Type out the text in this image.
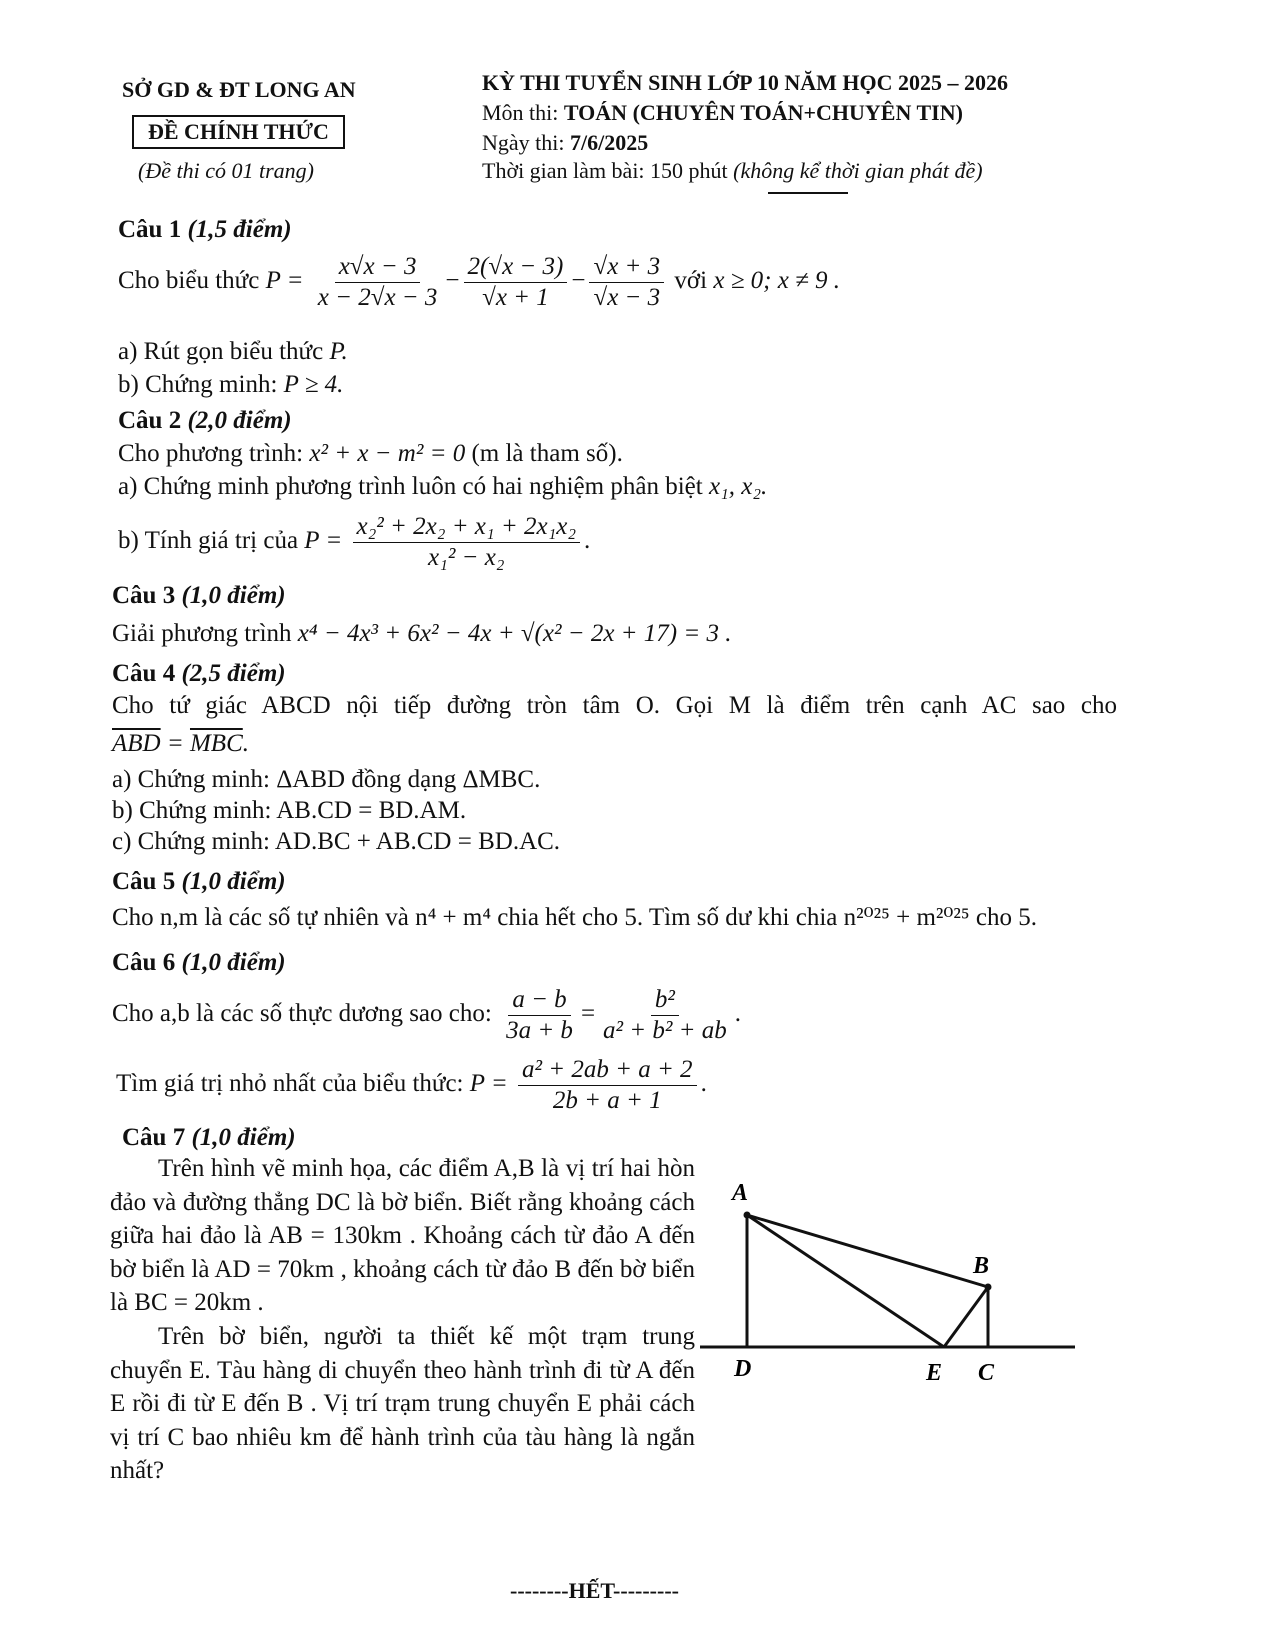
SỞ GD & ĐT LONG AN
ĐỀ CHÍNH THỨC
(Đề thi có 01 trang)
KỲ THI TUYỂN SINH LỚP 10 NĂM HỌC 2025 – 2026
Môn thi: TOÁN (CHUYÊN TOÁN+CHUYÊN TIN)
Ngày thi: 7/6/2025
Thời gian làm bài: 150 phút (không kể thời gian phát đề)
Câu 1 (1,5 điểm)
Cho biểu thức $P = \frac{x√x - 3}{x - 2√x - 3} - \frac{2(√x - 3)}{√x + 1} - \frac{√x + 3}{√x - 3}$ với x ≥ 0; x ≠ 9 .
a) Rút gọn biểu thức P.
b) Chứng minh: P ≥ 4.
Câu 2 (2,0 điểm)
Cho phương trình: x² + x − m² = 0 (m là tham số).
a) Chứng minh phương trình luôn có hai nghiệm phân biệt x₁, x₂.
b) Tính giá trị của $P = \frac{\text{x₂² + 2x₂ + x₁ + 2x₁x₂}}{\text{x₁² − x₂}}$ .
Câu 3 (1,0 điểm)
Giải phương trình x⁴ − 4x³ + 6x² − 4x + √(x² − 2x + 17) = 3 .
Câu 4 (2,5 điểm)
Cho tứ giác ABCD nội tiếp đường tròn tâm O. Gọi M là điểm trên cạnh AC sao cho
$\overline{ABD} = \overline{MBC}$.
a) Chứng minh: ΔABD đồng dạng ΔMBC.
b) Chứng minh: AB.CD = BD.AM.
c) Chứng minh: AD.BC + AB.CD = BD.AC.
Câu 5 (1,0 điểm)
Cho n,m là các số tự nhiên và n⁴ + m⁴ chia hết cho 5. Tìm số dư khi chia n²⁰²⁵ + m²⁰²⁵ cho 5.
Câu 6 (1,0 điểm)
Cho a,b là các số thực dương sao cho: $\frac{a - b}{3a + b} = \frac{\text{b²}}{\text{a² + b² + ab}}$ .
Tìm giá trị nhỏ nhất của biểu thức: $P = \frac{\text{a² + 2ab + a + 2}}{2b + a + 1}$ .
Câu 7 (1,0 điểm)
Trên hình vẽ minh họa, các điểm A,B là vị trí hai hòn đảo và đường thẳng DC là bờ biển. Biết rằng khoảng cách giữa hai đảo là AB = 130km . Khoảng cách từ đảo A đến bờ biển là AD = 70km , khoảng cách từ đảo B đến bờ biển là BC = 20km .
Trên bờ biển, người ta thiết kế một trạm trung chuyển E. Tàu hàng di chuyển theo hành trình đi từ A đến E rồi đi từ E đến B . Vị trí trạm trung chuyển E phải cách vị trí C bao nhiêu km để hành trình của tàu hàng là ngắn nhất?
A
B
D	E C
--------HẾT---------
